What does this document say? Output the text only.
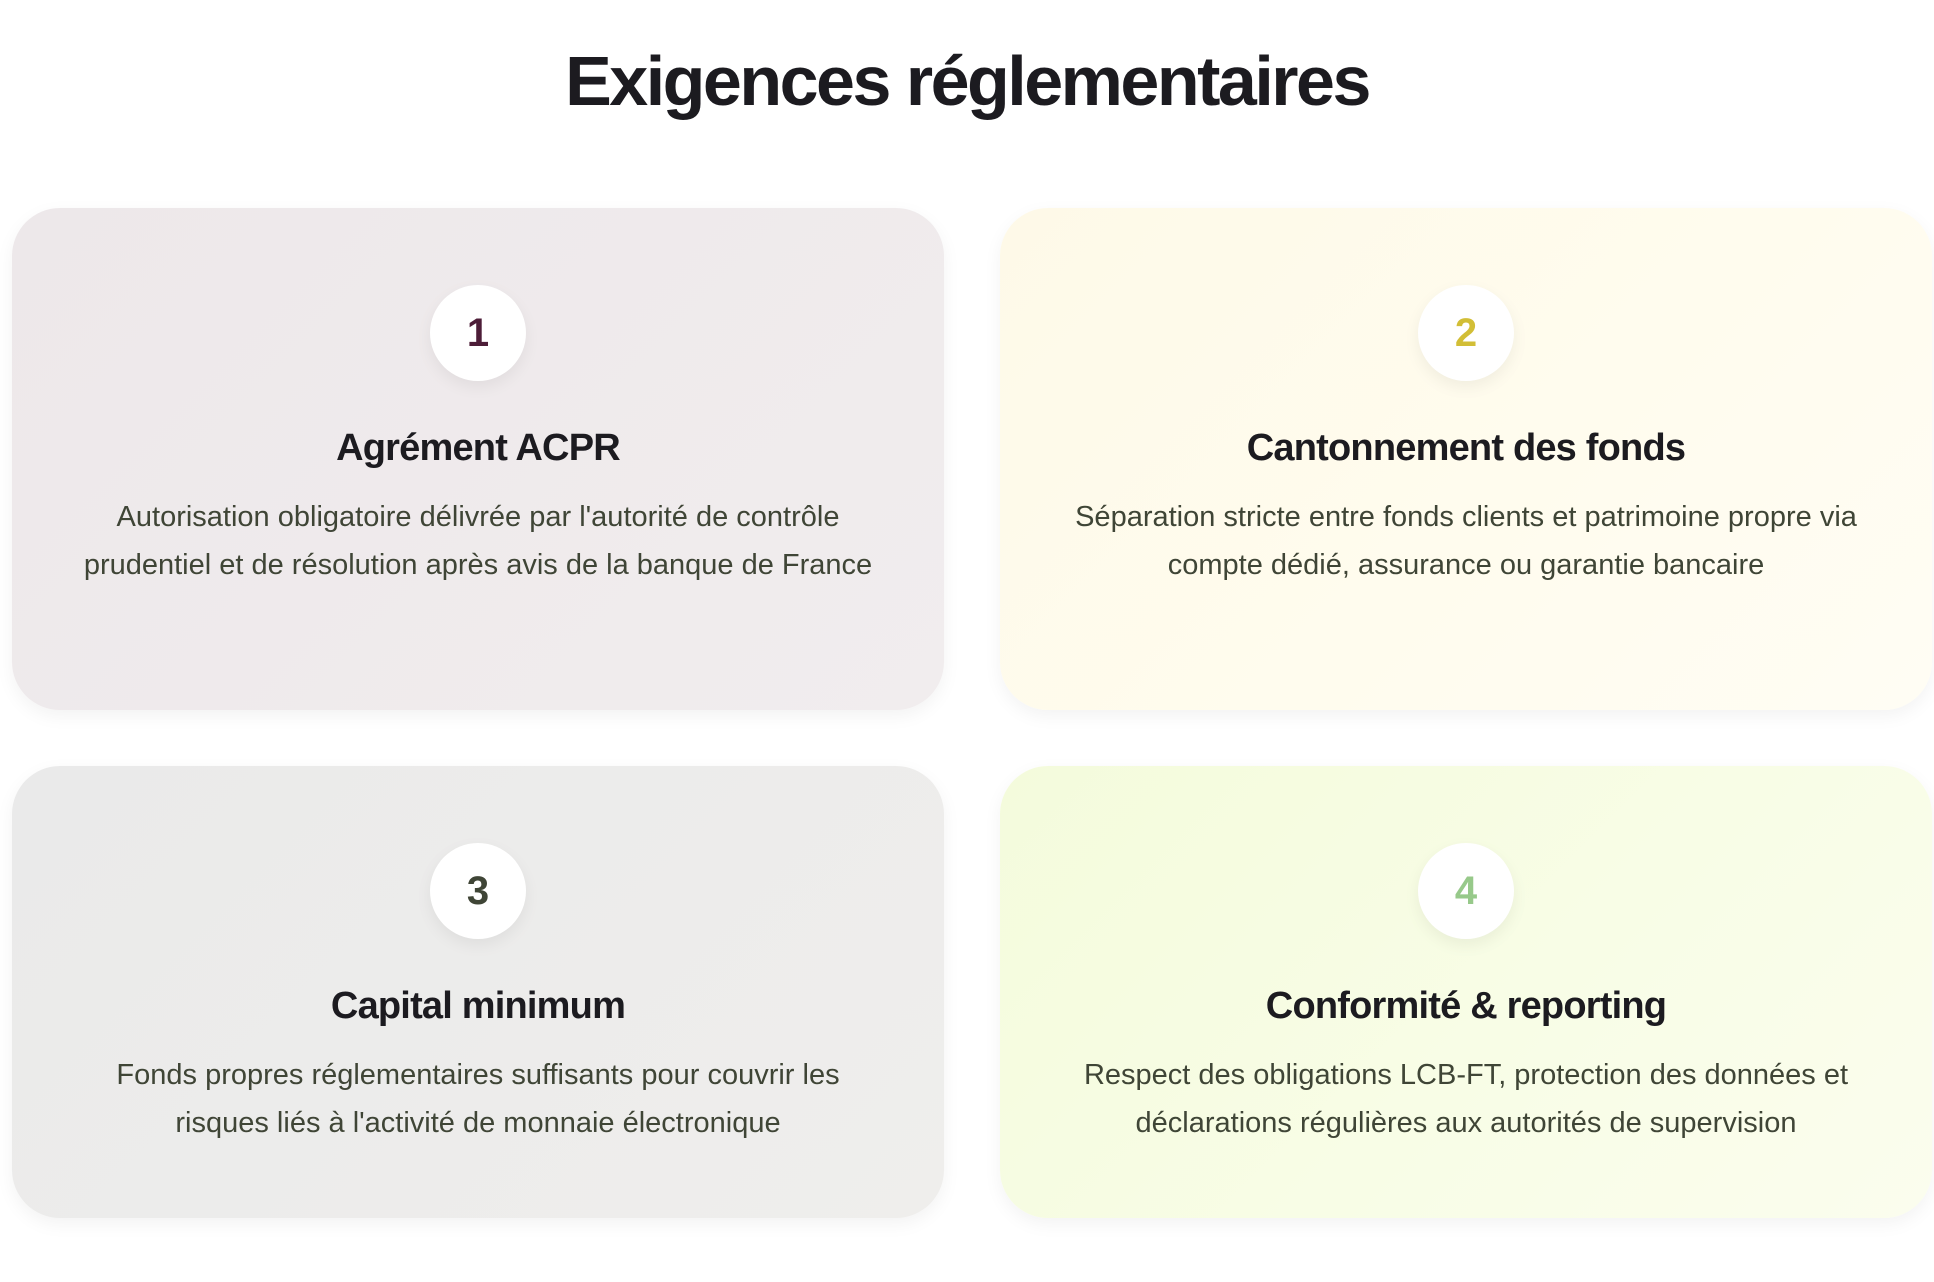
Exigences réglementaires
1
Agrément ACPR

Autorisation obligatoire délivrée par l'autorité de contrôle prudentiel et de résolution après avis de la banque de France

2
Cantonnement des fonds

Séparation stricte entre fonds clients et patrimoine propre via compte dédié, assurance ou garantie bancaire

3
Capital minimum

Fonds propres réglementaires suffisants pour couvrir les risques liés à l'activité de monnaie électronique

4
Conformité & reporting

Respect des obligations LCB-FT, protection des données et déclarations régulières aux autorités de supervision
